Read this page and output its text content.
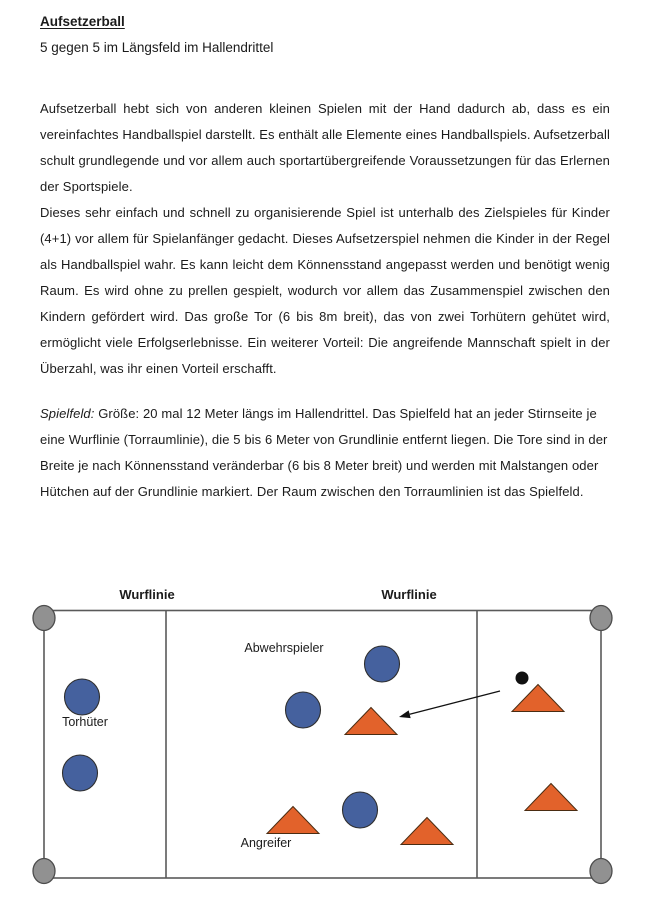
Aufsetzerball

5 gegen 5 im Längsfeld im Hallendrittel

Aufsetzerball hebt sich von anderen kleinen Spielen mit der Hand dadurch ab, dass es ein vereinfachtes Handballspiel darstellt. Es enthält alle Elemente eines Handballspiels. Aufsetzerball schult grundlegende und vor allem auch sportartübergreifende Voraussetzungen für das Erlernen der Sportspiele.

Dieses sehr einfach und schnell zu organisierende Spiel ist unterhalb des Zielspieles für Kinder (4+1) vor allem für Spielanfänger gedacht. Dieses Aufsetzerspiel nehmen die Kinder in der Regel als Handballspiel wahr. Es kann leicht dem Könnensstand angepasst werden und benötigt wenig Raum. Es wird ohne zu prellen gespielt, wodurch vor allem das Zusammenspiel zwischen den Kindern gefördert wird. Das große Tor (6 bis 8m breit), das von zwei Torhütern gehütet wird, ermöglicht viele Erfolgserlebnisse. Ein weiterer Vorteil: Die angreifende Mannschaft spielt in der Überzahl, was ihr einen Vorteil erschafft.

Spielfeld: Größe: 20 mal 12 Meter längs im Hallendrittel. Das Spielfeld hat an jeder Stirnseite je eine Wurflinie (Torraumlinie), die 5 bis 6 Meter von Grundlinie entfernt liegen. Die Tore sind in der Breite je nach Könnensstand veränderbar (6 bis 8 Meter breit) und werden mit Malstangen oder Hütchen auf der Grundlinie markiert. Der Raum zwischen den Torraumlinien ist das Spielfeld.

Wurflinie	Wurflinie
Abwehrspieler
Torhüter
Angreifer
